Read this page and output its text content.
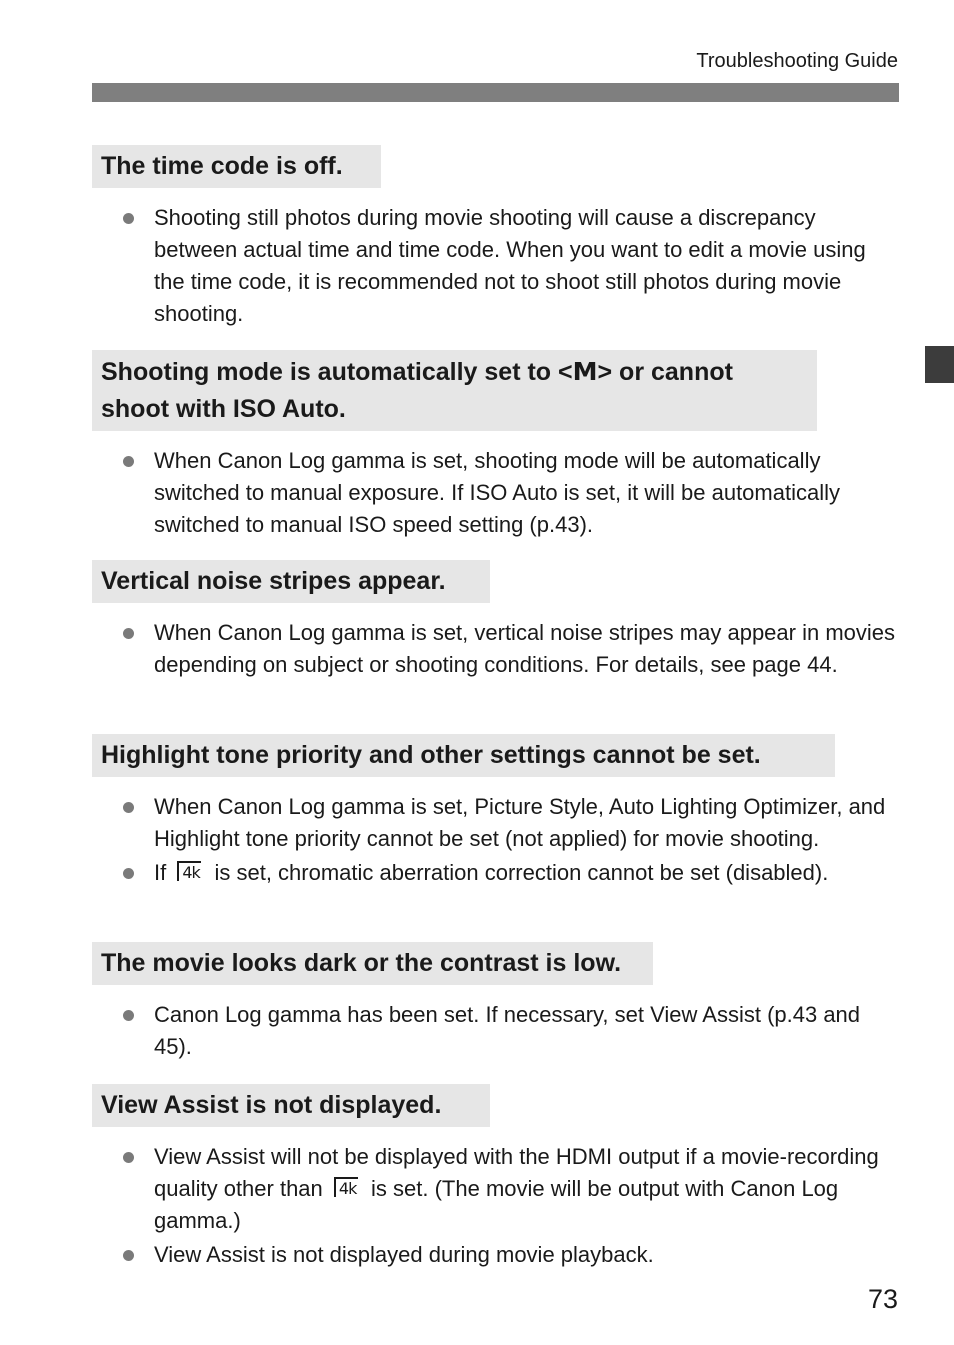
Troubleshooting Guide
The time code is off.
Shooting still photos during movie shooting will cause a discrepancy between actual time and time code. When you want to edit a movie using the time code, it is recommended not to shoot still photos during movie shooting.
Shooting mode is automatically set to <M> or cannot shoot with ISO Auto.
When Canon Log gamma is set, shooting mode will be automatically switched to manual exposure. If ISO Auto is set, it will be automatically switched to manual ISO speed setting (p.43).
Vertical noise stripes appear.
When Canon Log gamma is set, vertical noise stripes may appear in movies depending on subject or shooting conditions. For details, see page 44.
Highlight tone priority and other settings cannot be set.
When Canon Log gamma is set, Picture Style, Auto Lighting Optimizer, and Highlight tone priority cannot be set (not applied) for movie shooting.
If 4k is set, chromatic aberration correction cannot be set (disabled).
The movie looks dark or the contrast is low.
Canon Log gamma has been set. If necessary, set View Assist (p.43 and 45).
View Assist is not displayed.
View Assist will not be displayed with the HDMI output if a movie-recording quality other than 4k is set. (The movie will be output with Canon Log gamma.)
View Assist is not displayed during movie playback.
73
